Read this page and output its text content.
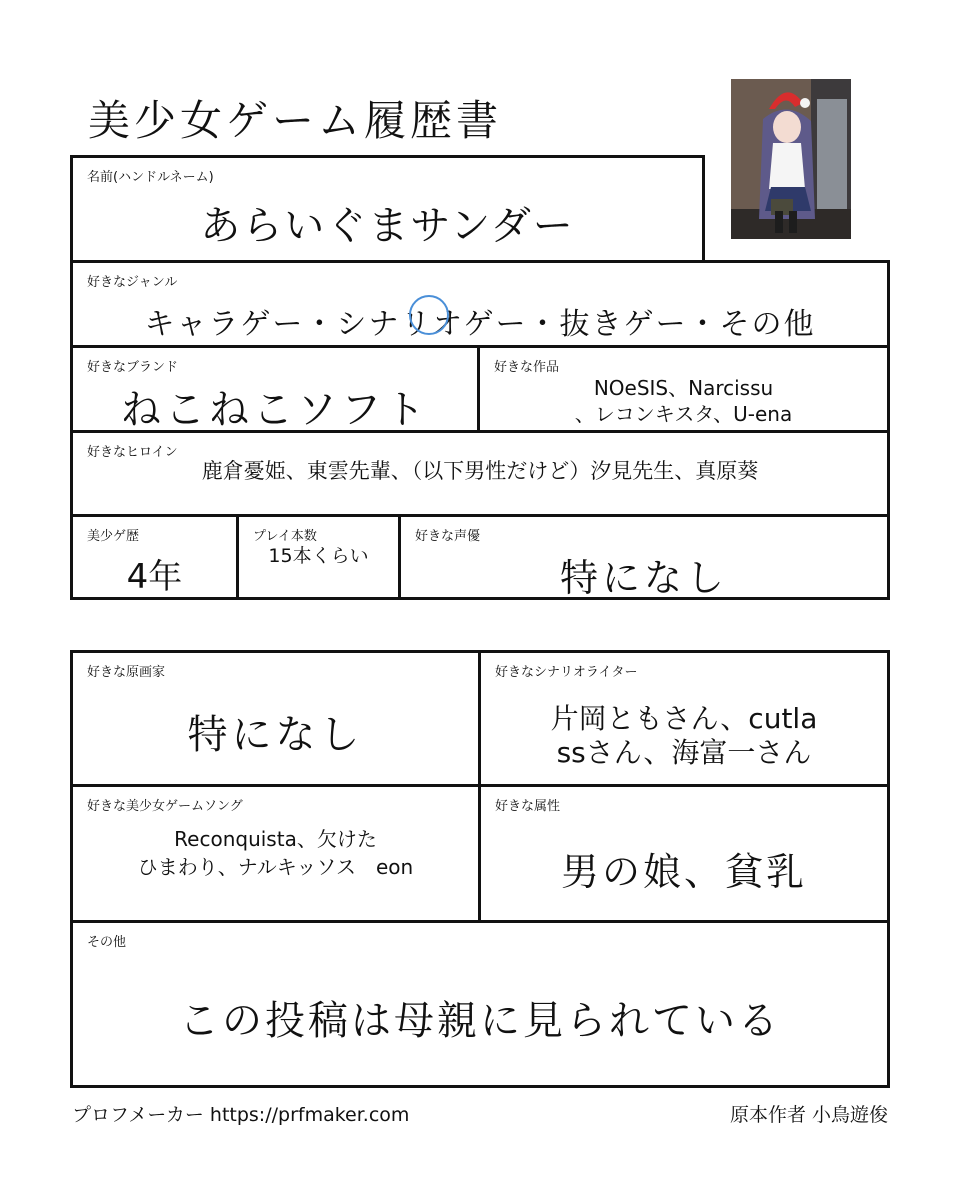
美少女ゲーム履歴書
名前(ハンドルネーム)
あらいぐまサンダー
好きなジャンル
キャラゲー・シナリオゲー・抜きゲー・その他
好きなブランド
ねこねこソフト
好きな作品
NOeSIS、Narcissu
、レコンキスタ、U-ena
好きなヒロイン
鹿倉憂姫、東雲先輩、（以下男性だけど）汐見先生、真原葵
美少ゲ歴
4年
プレイ本数
15本くらい
好きな声優
特になし
好きな原画家
特になし
好きなシナリオライター
片岡ともさん、cutla
ssさん、海富一さん
好きな美少女ゲームソング
Reconquista、欠けた
ひまわり、ナルキッソス　eon
好きな属性
男の娘、貧乳
その他
この投稿は母親に見られている
プロフメーカー https://prfmaker.com	原本作者 小鳥遊俊
